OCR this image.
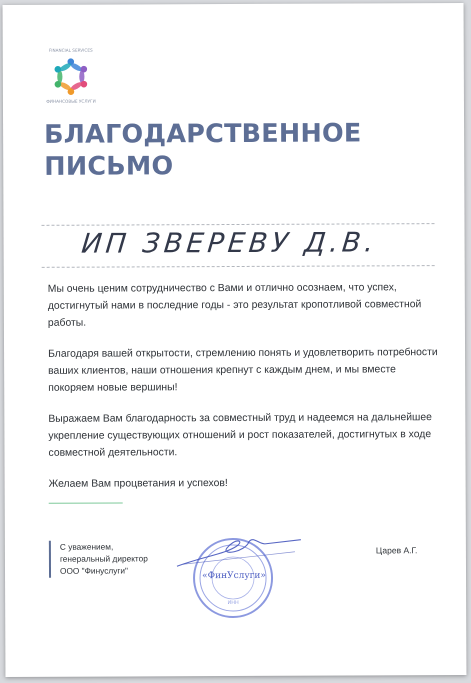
FINANCIAL SERVICES
ФИНАНСОВЫЕ УСЛУГИ
БЛАГОДАРСТВЕННОЕ
ПИСЬМО
ИП ЗВЕРЕВУ Д.В.

Мы очень ценим сотрудничество с Вами и отлично осознаем, что успех, достигнутый нами в последние годы - это результат кропотливой совместной работы.

Благодаря вашей открытости, стремлению понять и удовлетворить потребности ваших клиентов, наши отношения крепнут с каждым днем, и мы вместе покоряем новые вершины!

Выражаем Вам благодарность за совместный труд и надеемся на дальнейшее укрепление существующих отношений и рост показателей, достигнутых в ходе совместной деятельности.

Желаем Вам процветания и успехов!

С уважением,
генеральный директор
ООО "Финуслуги"
ИНН
«ФинУслуги»
Царев А.Г.
